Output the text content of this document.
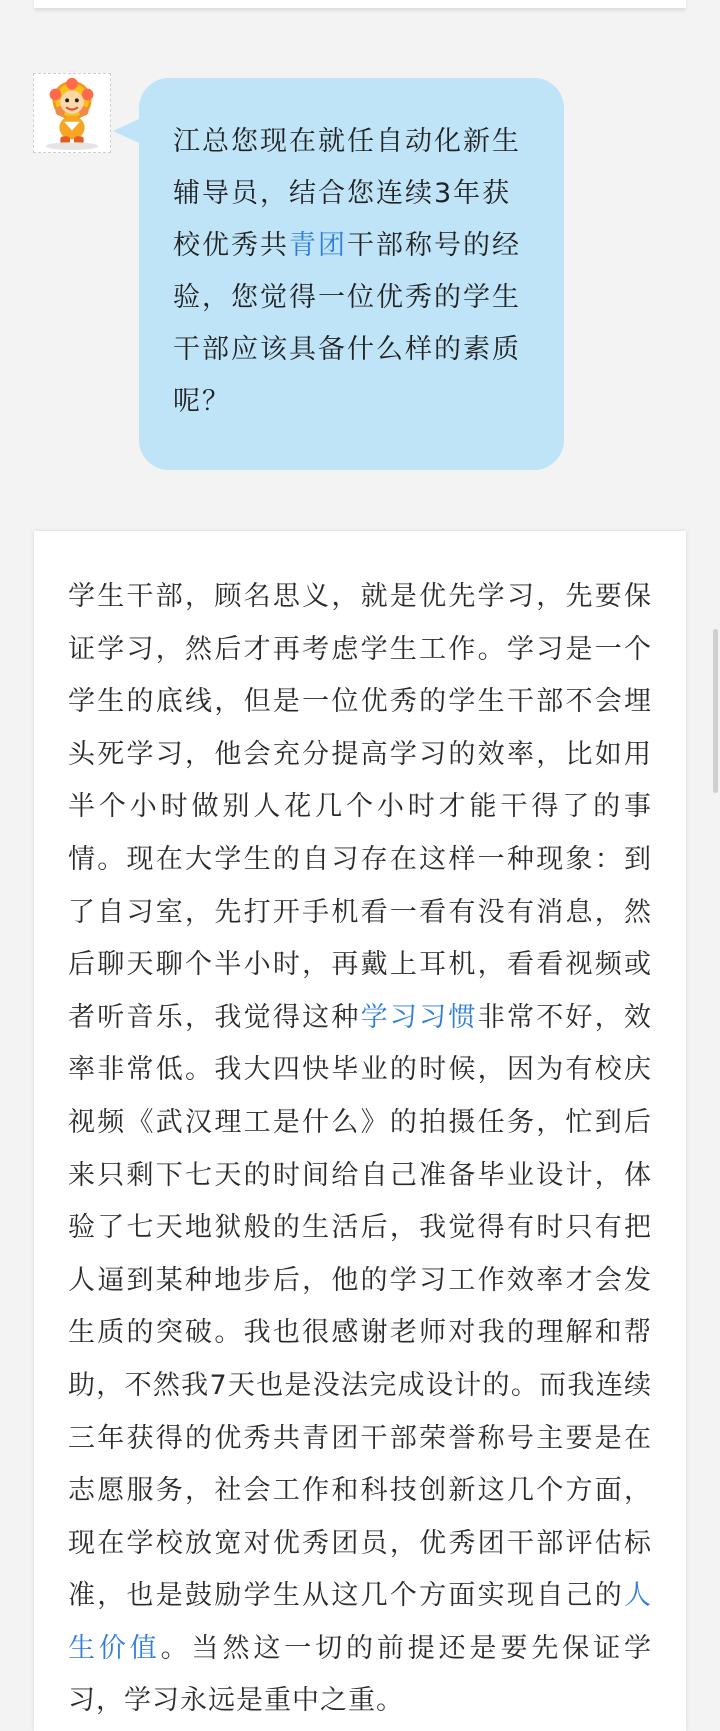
江总您现在就任自动化新生辅导员，结合您连续3年获校优秀共青团干部称号的经验，您觉得一位优秀的学生干部应该具备什么样的素质呢？

学生干部，顾名思义，就是优先学习，先要保证学习，然后才再考虑学生工作。学习是一个学生的底线，但是一位优秀的学生干部不会埋头死学习，他会充分提高学习的效率，比如用半个小时做别人花几个小时才能干得了的事情。现在大学生的自习存在这样一种现象：到了自习室，先打开手机看一看有没有消息，然后聊天聊个半小时，再戴上耳机，看看视频或者听音乐，我觉得这种学习习惯非常不好，效率非常低。我大四快毕业的时候，因为有校庆视频《武汉理工是什么》的拍摄任务，忙到后来只剩下七天的时间给自己准备毕业设计，体验了七天地狱般的生活后，我觉得有时只有把人逼到某种地步后，他的学习工作效率才会发生质的突破。我也很感谢老师对我的理解和帮助，不然我7天也是没法完成设计的。而我连续三年获得的优秀共青团干部荣誉称号主要是在志愿服务，社会工作和科技创新这几个方面，现在学校放宽对优秀团员，优秀团干部评估标准，也是鼓励学生从这几个方面实现自己的人生价值。当然这一切的前提还是要先保证学习，学习永远是重中之重。
